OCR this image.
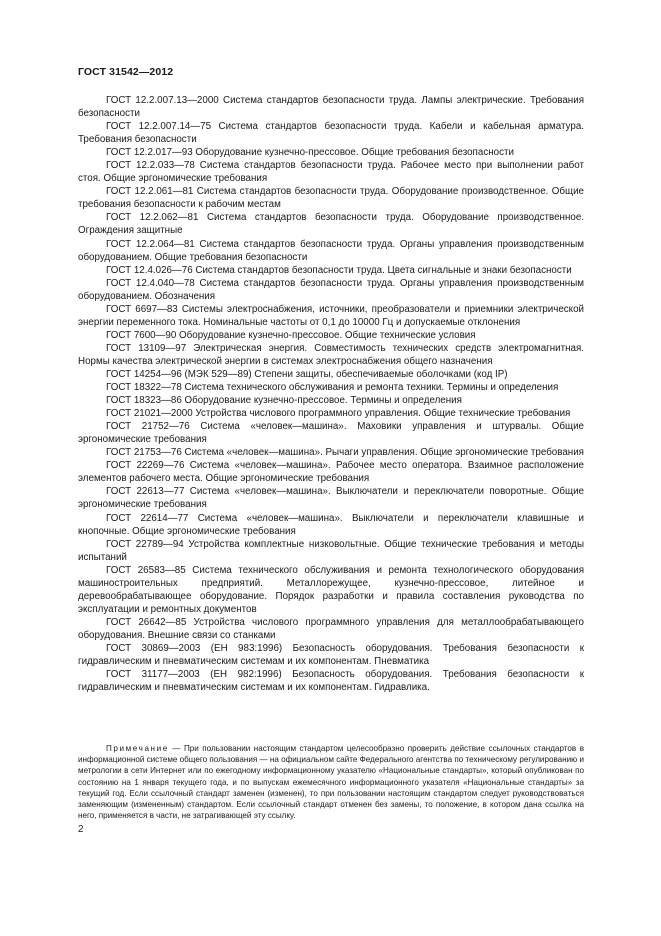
ГОСТ 31542—2012

ГОСТ 12.2.007.13—2000 Система стандартов безопасности труда. Лампы электрические. Требования безопасности

ГОСТ 12.2.007.14—75 Система стандартов безопасности труда. Кабели и кабельная арматура. Требования безопасности

ГОСТ 12.2.017—93 Оборудование кузнечно-прессовое. Общие требования безопасности

ГОСТ 12.2.033—78 Система стандартов безопасности труда. Рабочее место при выполнении работ стоя. Общие эргономические требования

ГОСТ 12.2.061—81 Система стандартов безопасности труда. Оборудование производственное. Общие требования безопасности к рабочим местам

ГОСТ 12.2.062—81 Система стандартов безопасности труда. Оборудование производственное. Ограждения защитные

ГОСТ 12.2.064—81 Система стандартов безопасности труда. Органы управления производственным оборудованием. Общие требования безопасности

ГОСТ 12.4.026—76 Система стандартов безопасности труда. Цвета сигнальные и знаки безопасности

ГОСТ 12.4.040—78 Система стандартов безопасности труда. Органы управления производственным оборудованием. Обозначения

ГОСТ 6697—83 Системы электроснабжения, источники, преобразователи и приемники электрической энергии переменного тока. Номинальные частоты от 0,1 до 10000 Гц и допускаемые отклонения

ГОСТ 7600—90 Оборудование кузнечно-прессовое. Общие технические условия

ГОСТ 13109—97 Электрическая энергия. Совместимость технических средств электромагнитная. Нормы качества электрической энергии в системах электроснабжения общего назначения

ГОСТ 14254—96 (МЭК 529—89) Степени защиты, обеспечиваемые оболочками (код IP)

ГОСТ 18322—78 Система технического обслуживания и ремонта техники. Термины и определения

ГОСТ 18323—86 Оборудование кузнечно-прессовое. Термины и определения

ГОСТ 21021—2000 Устройства числового программного управления. Общие технические требования

ГОСТ 21752—76 Система «человек—машина». Маховики управления и штурвалы. Общие эргономические требования

ГОСТ 21753—76 Система «человек—машина». Рычаги управления. Общие эргономические требования

ГОСТ 22269—76 Система «человек—машина». Рабочее место оператора. Взаимное расположение элементов рабочего места. Общие эргономические требования

ГОСТ 22613—77 Система «человек—машина». Выключатели и переключатели поворотные. Общие эргономические требования

ГОСТ 22614—77 Система «человек—машина». Выключатели и переключатели клавишные и кнопочные. Общие эргономические требования

ГОСТ 22789—94 Устройства комплектные низковольтные. Общие технические требования и методы испытаний

ГОСТ 26583—85 Система технического обслуживания и ремонта технологического оборудования машиностроительных предприятий. Металлорежущее, кузнечно-прессовое, литейное и деревообрабатывающее оборудование. Порядок разработки и правила составления руководства по эксплуатации и ремонтных документов

ГОСТ 26642—85 Устройства числового программного управления для металлообрабатывающего оборудования. Внешние связи со станками

ГОСТ 30869—2003 (ЕН 983:1996) Безопасность оборудования. Требования безопасности к гидравлическим и пневматическим системам и их компонентам. Пневматика

ГОСТ 31177—2003 (ЕН 982:1996) Безопасность оборудования. Требования безопасности к гидравлическим и пневматическим системам и их компонентам. Гидравлика.

Примечание — При пользовании настоящим стандартом целесообразно проверить действие ссылочных стандартов в информационной системе общего пользования — на официальном сайте Федерального агентства по техническому регулированию и метрологии в сети Интернет или по ежегодному информационному указателю «Национальные стандарты», который опубликован по состоянию на 1 января текущего года, и по выпускам ежемесячного информационного указателя «Национальные стандарты» за текущий год. Если ссылочный стандарт заменен (изменен), то при пользовании настоящим стандартом следует руководствоваться заменяющим (измененным) стандартом. Если ссылочный стандарт отменен без замены, то положение, в котором дана ссылка на него, применяется в части, не затрагивающей эту ссылку.

2
